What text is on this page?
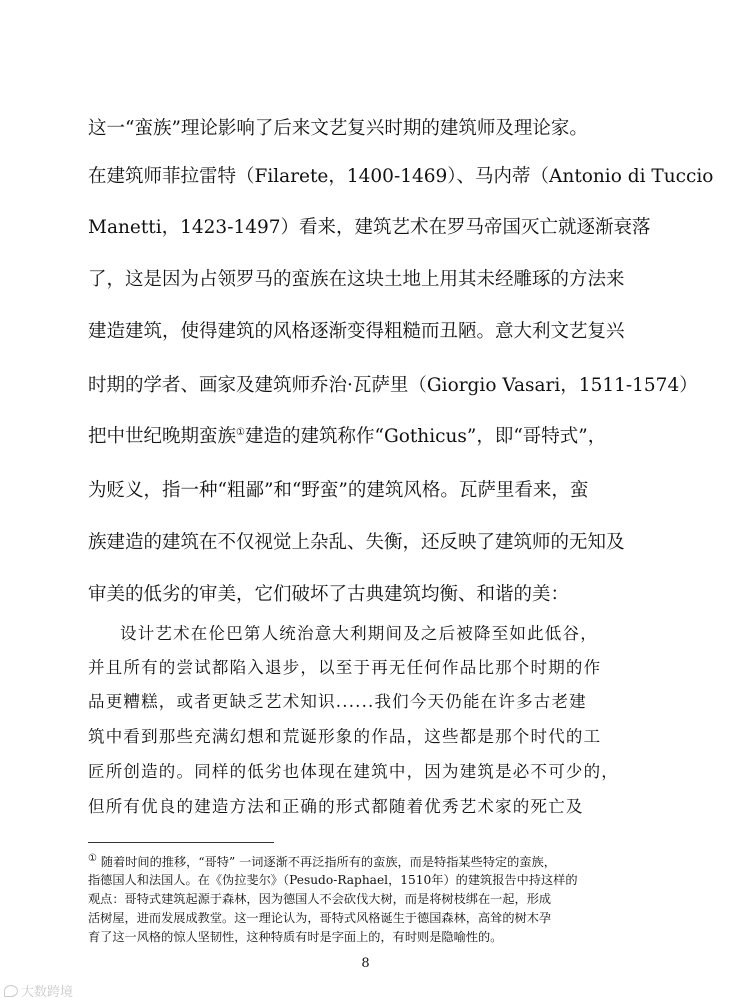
这一“蛮族”理论影响了后来文艺复兴时期的建筑师及理论家。
在建筑师菲拉雷特（Filarete，1400-1469）、马内蒂（Antonio di Tuccio
Manetti，1423-1497）看来，建筑艺术在罗马帝国灭亡就逐渐衰落
了，这是因为占领罗马的蛮族在这块土地上用其未经雕琢的方法来
建造建筑，使得建筑的风格逐渐变得粗糙而丑陋。意大利文艺复兴
时期的学者、画家及建筑师乔治·瓦萨里（Giorgio Vasari，1511-1574）
把中世纪晚期蛮族①建造的建筑称作“Gothicus”，即“哥特式”，
为贬义，指一种“粗鄙”和“野蛮”的建筑风格。瓦萨里看来，蛮
族建造的建筑在不仅视觉上杂乱、失衡，还反映了建筑师的无知及
审美的低劣的审美，它们破坏了古典建筑均衡、和谐的美：
设计艺术在伦巴第人统治意大利期间及之后被降至如此低谷，
并且所有的尝试都陷入退步，以至于再无任何作品比那个时期的作
品更糟糕，或者更缺乏艺术知识......我们今天仍能在许多古老建
筑中看到那些充满幻想和荒诞形象的作品，这些都是那个时代的工
匠所创造的。同样的低劣也体现在建筑中，因为建筑是必不可少的，
但所有优良的建造方法和正确的形式都随着优秀艺术家的死亡及
① 随着时间的推移，“哥特” 一词逐渐不再泛指所有的蛮族，而是特指某些特定的蛮族，
指德国人和法国人。在《伪拉斐尔》（Pesudo-Raphael，1510年）的建筑报告中持这样的
观点：哥特式建筑起源于森林，因为德国人不会砍伐大树，而是将树枝绑在一起，形成
活树屋，进而发展成教堂。这一理论认为，哥特式风格诞生于德国森林，高耸的树木孕
育了这一风格的惊人坚韧性，这种特质有时是字面上的，有时则是隐喻性的。
8
大数跨境
